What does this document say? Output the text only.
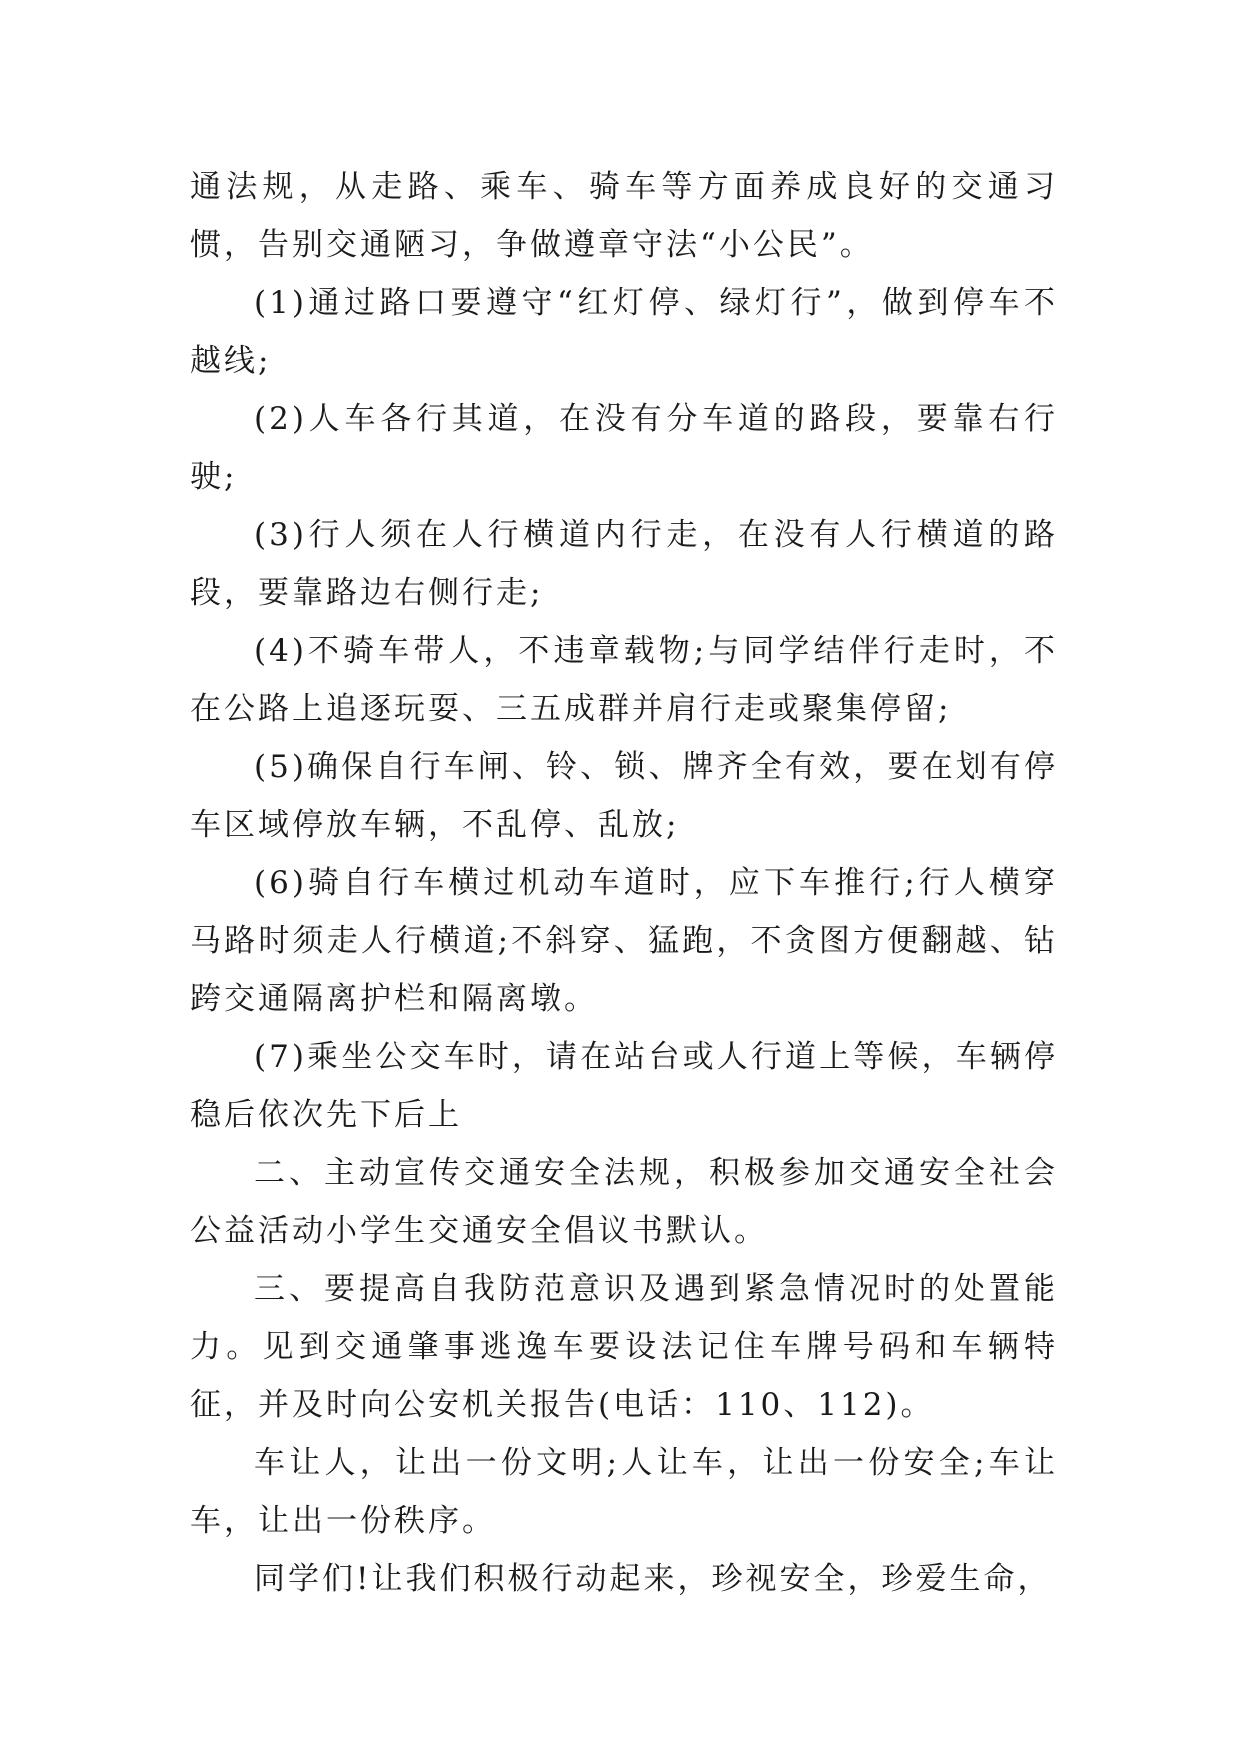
通法规，从走路、乘车、骑车等方面养成良好的交通习惯，告别交通陋习，争做遵章守法“小公民”。

(1)通过路口要遵守“红灯停、绿灯行”，做到停车不越线;

(2)人车各行其道，在没有分车道的路段，要靠右行驶;

(3)行人须在人行横道内行走，在没有人行横道的路段，要靠路边右侧行走;

(4)不骑车带人，不违章载物;与同学结伴行走时，不在公路上追逐玩耍、三五成群并肩行走或聚集停留;

(5)确保自行车闸、铃、锁、牌齐全有效，要在划有停车区域停放车辆，不乱停、乱放;

(6)骑自行车横过机动车道时，应下车推行;行人横穿马路时须走人行横道;不斜穿、猛跑，不贪图方便翻越、钻跨交通隔离护栏和隔离墩。

(7)乘坐公交车时，请在站台或人行道上等候，车辆停稳后依次先下后上

二、主动宣传交通安全法规，积极参加交通安全社会公益活动小学生交通安全倡议书默认。

三、要提高自我防范意识及遇到紧急情况时的处置能力。见到交通肇事逃逸车要设法记住车牌号码和车辆特征，并及时向公安机关报告(电话：110、112)。

车让人，让出一份文明;人让车，让出一份安全;车让车，让出一份秩序。

同学们!让我们积极行动起来，珍视安全，珍爱生命，
